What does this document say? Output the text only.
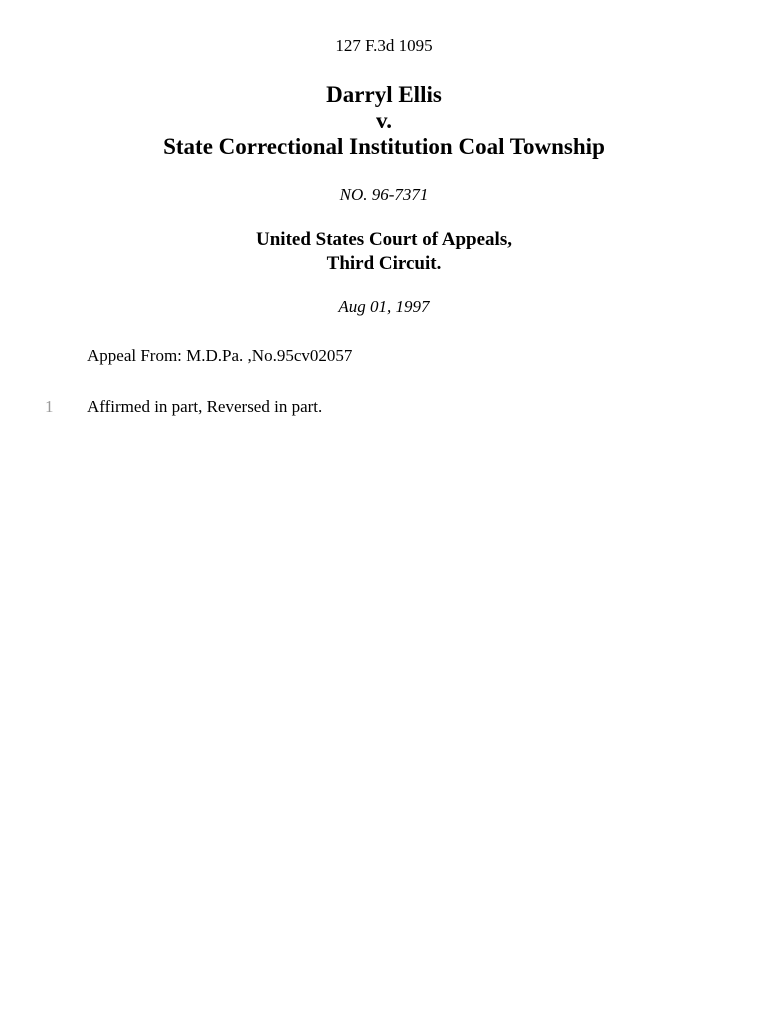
127 F.3d 1095
Darryl Ellis
v.
State Correctional Institution Coal Township
NO. 96-7371
United States Court of Appeals,
Third Circuit.
Aug 01, 1997
Appeal From: M.D.Pa. ,No.95cv02057
1 Affirmed in part, Reversed in part.
